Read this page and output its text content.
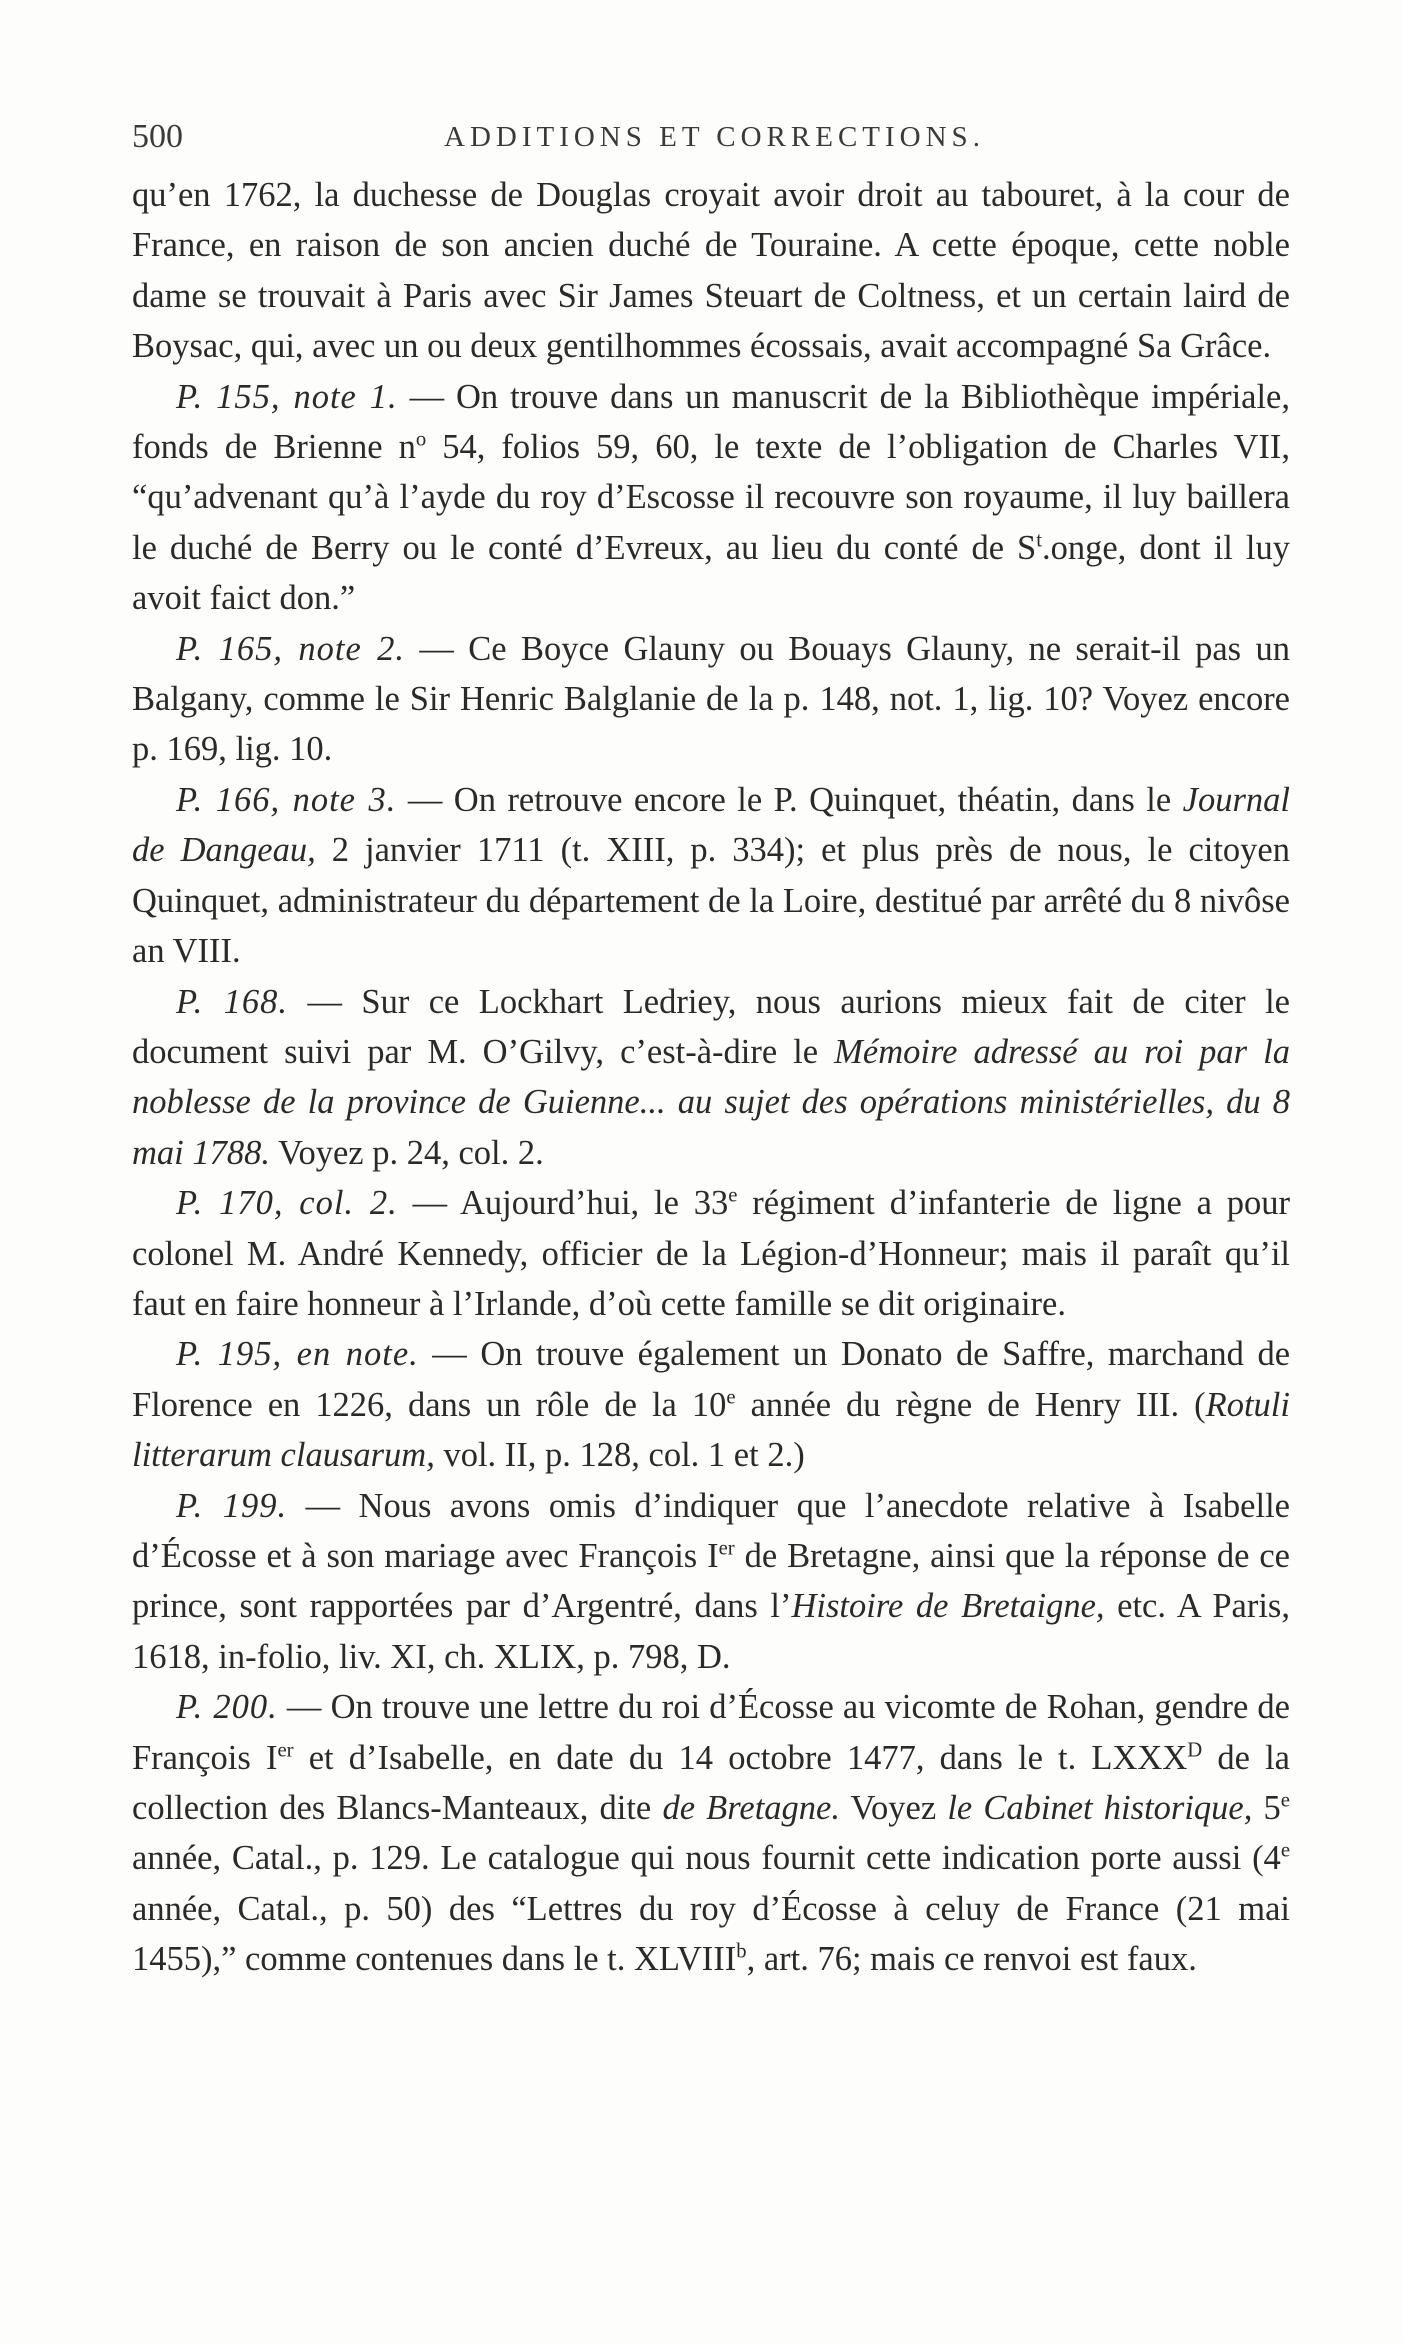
500	ADDITIONS ET CORRECTIONS.

qu’en 1762, la duchesse de Douglas croyait avoir droit au tabouret, à la cour de France, en raison de son ancien duché de Touraine. A cette époque, cette noble dame se trouvait à Paris avec Sir James Steuart de Coltness, et un certain laird de Boysac, qui, avec un ou deux gentilhommes écossais, avait accompagné Sa Grâce.

P. 155, note 1. — On trouve dans un manuscrit de la Bibliothèque impériale, fonds de Brienne $n^o$ 54, folios 59, 60, le texte de l’obligation de Charles VII, “qu’advenant qu’à l’ayde du roy d’Escosse il recouvre son royaume, il luy baillera le duché de Berry ou le conté d’Evreux, au lieu du conté de $S^t.onge$, dont il luy avoit faict don.”

P. 165, note 2. — Ce Boyce Glauny ou Bouays Glauny, ne serait-il pas un Balgany, comme le Sir Henric Balglanie de la p. 148, not. 1, lig. 10? Voyez encore p. 169, lig. 10.

P. 166, note 3. — On retrouve encore le P. Quinquet, théatin, dans le Journal de Dangeau, 2 janvier 1711 (t. XIII, p. 334); et plus près de nous, le citoyen Quinquet, administrateur du département de la Loire, destitué par arrêté du 8 nivôse an VIII.

P. 168. — Sur ce Lockhart Ledriey, nous aurions mieux fait de citer le document suivi par M. O’Gilvy, c’est-à-dire le Mémoire adressé au roi par la noblesse de la province de Guienne... au sujet des opérations ministérielles, du 8 mai 1788. Voyez p. 24, col. 2.

P. 170, col. 2. — Aujourd’hui, le 33e régiment d’infanterie de ligne a pour colonel M. André Kennedy, officier de la Légion-d’Honneur; mais il paraît qu’il faut en faire honneur à l’Irlande, d’où cette famille se dit originaire.

P. 195, en note. — On trouve également un Donato de Saffre, marchand de Florence en 1226, dans un rôle de la 10e année du règne de Henry III. (Rotuli litterarum clausarum, vol. II, p. 128, col. 1 et 2.)

P. 199. — Nous avons omis d’indiquer que l’anecdote relative à Isabelle d’Écosse et à son mariage avec François Ier de Bretagne, ainsi que la réponse de ce prince, sont rapportées par d’Argentré, dans l’Histoire de Bretaigne, etc. A Paris, 1618, in-folio, liv. XI, ch. XLIX, p. 798, D.

P. 200. — On trouve une lettre du roi d’Écosse au vicomte de Rohan, gendre de François Ier et d’Isabelle, en date du 14 octobre 1477, dans le t. $LXXX^D$ de la collection des Blancs-Manteaux, dite de Bretagne. Voyez le Cabinet historique, 5e année, Catal., p. 129. Le catalogue qui nous fournit cette indication porte aussi (4e année, Catal., p. 50) des “Lettres du roy d’Écosse à celuy de France (21 mai 1455),” comme contenues dans le t. XLVIII$^b$, art. 76; mais ce renvoi est faux.
